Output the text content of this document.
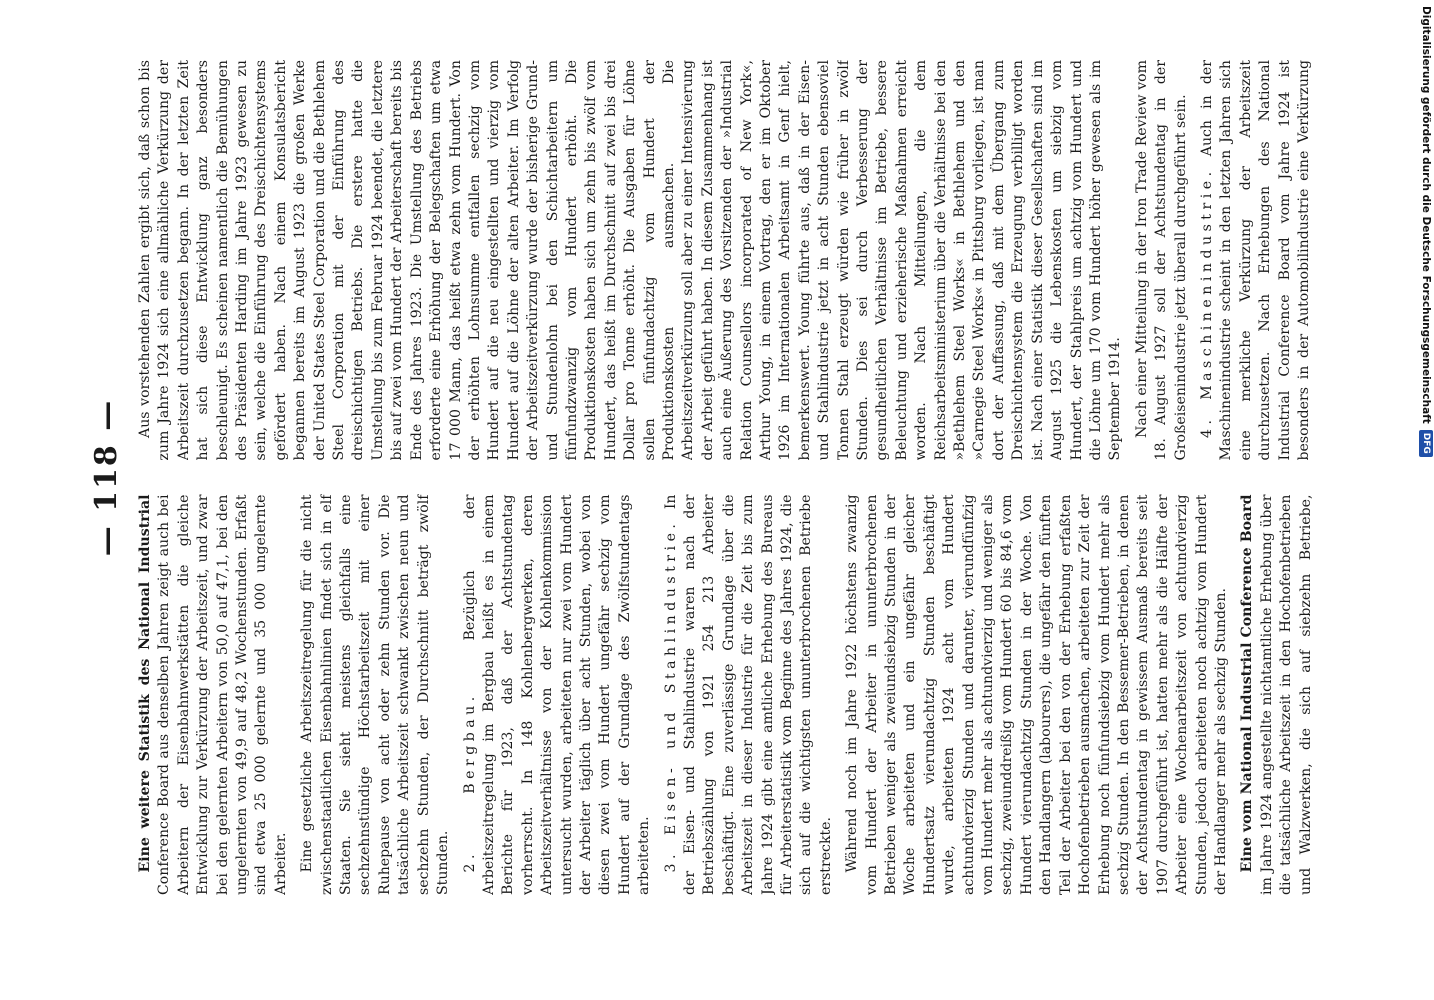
— 118 —

Eine weitere Statistik des National Industrial Conference Board aus denselben Jahren zeigt auch bei Arbeitern der Eisenbahnwerkstätten die gleiche Entwicklung zur Verkürzung der Arbeitszeit, und zwar bei den gelernten Arbeitern von 50,0 auf 47,1, bei den ungelernten von 49,9 auf 48,2 Wochenstunden. Erfaßt sind etwa 25 000 gelernte und 35 000 ungelernte Arbeiter. Eine gesetzliche Arbeitszeitregelung für die nicht zwischenstaatlichen Eisenbahnlinien findet sich in elf Staaten. Sie sieht meistens gleichfalls eine sechzehnstündige Höchstarbeitszeit mit einer Ruhepause von acht oder zehn Stunden vor. Die tatsächliche Arbeitszeit schwankt zwischen neun und sechzehn Stunden, der Durchschnitt beträgt zwölf Stunden. 2. Bergbau. Bezüglich der Arbeitszeitregelung im Bergbau heißt es in einem Berichte für 1923, daß der Achtstundentag vorherrscht. In 148 Kohlenbergwerken, deren Arbeitszeitverhältnisse von der Kohlenkommission untersucht wurden, arbeiteten nur zwei vom Hundert der Arbeiter täglich über acht Stunden, wobei von diesen zwei vom Hundert ungefähr sechzig vom Hundert auf der Grundlage des Zwölfstundentags arbeiteten. 3. Eisen- und Stahlindustrie. In der Eisen- und Stahlindustrie waren nach der Betriebszählung von 1921 254 213 Arbeiter beschäftigt. Eine zuverlässige Grundlage über die Arbeitszeit in dieser Industrie für die Zeit bis zum Jahre 1924 gibt eine amtliche Erhebung des Bureaus für Arbeiterstatistik vom Beginne des Jahres 1924, die sich auf die wichtigsten ununterbrochenen Betriebe erstreckte. Während noch im Jahre 1922 höchstens zwanzig vom Hundert der Arbeiter in ununterbrochenen Betrieben weniger als zweiundsiebzig Stunden in der Woche arbeiteten und ein ungefähr gleicher Hundertsatz vierundachtzig Stunden beschäftigt wurde, arbeiteten 1924 acht vom Hundert achtundvierzig Stunden und darunter, vierundfünfzig vom Hundert mehr als achtundvierzig und weniger als sechzig, zweiunddreißig vom Hundert 60 bis 84,6 vom Hundert vierundachtzig Stunden in der Woche. Von den Handlangern (labourers), die ungefähr den fünften Teil der Arbeiter bei den von der Erhebung erfaßten Hochofenbetrieben ausmachen, arbeiteten zur Zeit der Erhebung noch fünfundsiebzig vom Hundert mehr als sechzig Stunden. In den Bessemer-Betrieben, in denen der Achtstundentag in gewissem Ausmaß bereits seit 1907 durchgeführt ist, hatten mehr als die Hälfte der Arbeiter eine Wochenarbeitszeit von achtundvierzig Stunden, jedoch arbeiteten noch achtzig vom Hundert der Handlanger mehr als sechzig Stunden. Eine vom National Industrial Conference Board im Jahre 1924 angestellte nichtamtliche Erhebung über die tatsächliche Arbeitszeit in den Hochofenbetrieben und Walzwerken, die sich auf siebzehn Betriebe,

Aus vorstehenden Zahlen ergibt sich, daß schon bis zum Jahre 1924 sich eine allmähliche Verkürzung der Arbeitszeit durchzusetzen begann. In der letzten Zeit hat sich diese Entwicklung ganz besonders beschleunigt. Es scheinen namentlich die Bemühungen des Präsidenten Harding im Jahre 1923 gewesen zu sein, welche die Einführung des Dreischichtensystems gefördert haben. Nach einem Konsulatsbericht begannen bereits im August 1923 die großen Werke der United States Steel Corporation und die Bethlehem Steel Corporation mit der Einführung des dreischichtigen Betriebs. Die erstere hatte die Umstellung bis zum Februar 1924 beendet, die letztere bis auf zwei vom Hundert der Arbeiterschaft bereits bis Ende des Jahres 1923. Die Umstellung des Betriebs erforderte eine Erhöhung der Belegschaften um etwa 17 000 Mann, das heißt etwa zehn vom Hundert. Von der erhöhten Lohnsumme entfallen sechzig vom Hundert auf die neu eingestellten und vierzig vom Hundert auf die Löhne der alten Arbeiter. Im Verfolg der Arbeitszeitverkürzung wurde der bisherige Grund- und Stundenlohn bei den Schichtarbeitern um fünfundzwanzig vom Hundert erhöht. Die Produktionskosten haben sich um zehn bis zwölf vom Hundert, das heißt im Durchschnitt auf zwei bis drei Dollar pro Tonne erhöht. Die Ausgaben für Löhne sollen fünfundachtzig vom Hundert der Produktionskosten ausmachen. Die Arbeitszeitverkürzung soll aber zu einer Intensivierung der Arbeit geführt haben. In diesem Zusammenhang ist auch eine Äußerung des Vorsitzenden der »Industrial Relation Counsellors incorporated of New York«, Arthur Young, in einem Vortrag, den er im Oktober 1926 im Internationalen Arbeitsamt in Genf hielt, bemerkenswert. Young führte aus, daß in der Eisen- und Stahlindustrie jetzt in acht Stunden ebensoviel Tonnen Stahl erzeugt würden wie früher in zwölf Stunden. Dies sei durch Verbesserung der gesundheitlichen Verhältnisse im Betriebe, bessere Beleuchtung und erzieherische Maßnahmen erreicht worden. Nach Mitteilungen, die dem Reichsarbeitsministerium über die Verhältnisse bei den »Bethlehem Steel Works« in Bethlehem und den »Carnegie Steel Works« in Pittsburg vorliegen, ist man dort der Auffassung, daß mit dem Übergang zum Dreischichtensystem die Erzeugung verbilligt worden ist. Nach einer Statistik dieser Gesellschaften sind im August 1925 die Lebenskosten um siebzig vom Hundert, der Stahlpreis um achtzig vom Hundert und die Löhne um 170 vom Hundert höher gewesen als im September 1914. Nach einer Mitteilung in der Iron Trade Review vom 18. August 1927 soll der Achtstundentag in der Großeisenindustrie jetzt überall durchgeführt sein. 4. Maschinenindustrie. Auch in der Maschinenindustrie scheint in den letzten Jahren sich eine merkliche Verkürzung der Arbeitszeit durchzusetzen. Nach Erhebungen des National Industrial Conference Board vom Jahre 1924 ist besonders in der Automobilindustrie eine Verkürzung	Digitalisierung gefördert durch die Deutsche Forschungsgemeinschaft
DFG
